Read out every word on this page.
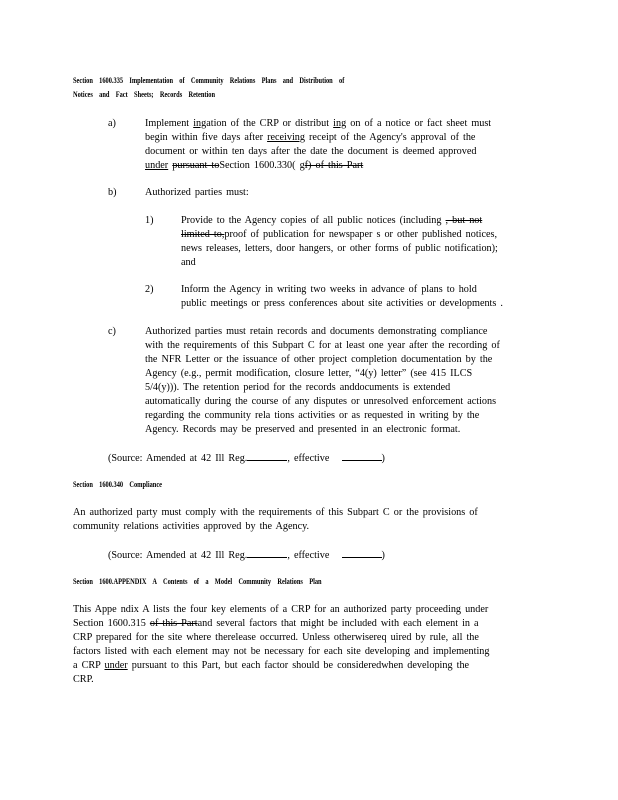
Section 1600.335 Implementation of Community Relations Plans and Distribution of
Notices and Fact Sheets; Records Retention
a)	Implement ingation of the CRP or distribut ing on of a notice or fact sheet must
begin within five days after receiving receipt of the Agency's approval of the
document or within ten days after the date the document is deemed approved
under pursuant toSection 1600.330( gf) of this Part
b)	Authorized parties must:
1)	Provide to the Agency copies of all public notices (including , but not
limited to,proof of publication for newspaper s or other published notices,
news releases, letters, door hangers, or other forms of public notification);
and
2)	Inform the Agency in writing two weeks in advance of plans to hold
public meetings or press conferences about site activities or developments .
c)	Authorized parties must retain records and documents demonstrating compliance
with the requirements of this Subpart C for at least one year after the recording of
the NFR Letter or the issuance of other project completion documentation by the
Agency (e.g., permit modification, closure letter, “4(y) letter” (see 415 ILCS
5/4(y))). The retention period for the records anddocuments is extended
automatically during the course of any disputes or unresolved enforcement actions
regarding the community rela tions activities or as requested in writing by the
Agency. Records may be preserved and presented in an electronic format.
(Source: Amended at 42 Ill Reg.	, effective	)
Section 1600.340 Compliance
An authorized party must comply with the requirements of this Subpart C or the provisions of
community relations activities approved by the Agency.
(Source: Amended at 42 Ill Reg.	, effective	)
Section 1600.APPENDIX A Contents of a Model Community Relations Plan
This Appe ndix A lists the four key elements of a CRP for an authorized party proceeding under
Section 1600.315 of this Partand several factors that might be included with each element in a
CRP prepared for the site where therelease occurred. Unless otherwisereq uired by rule, all the
factors listed with each element may not be necessary for each site developing and implementing
a CRP under pursuant to this Part, but each factor should be consideredwhen developing the
CRP.
